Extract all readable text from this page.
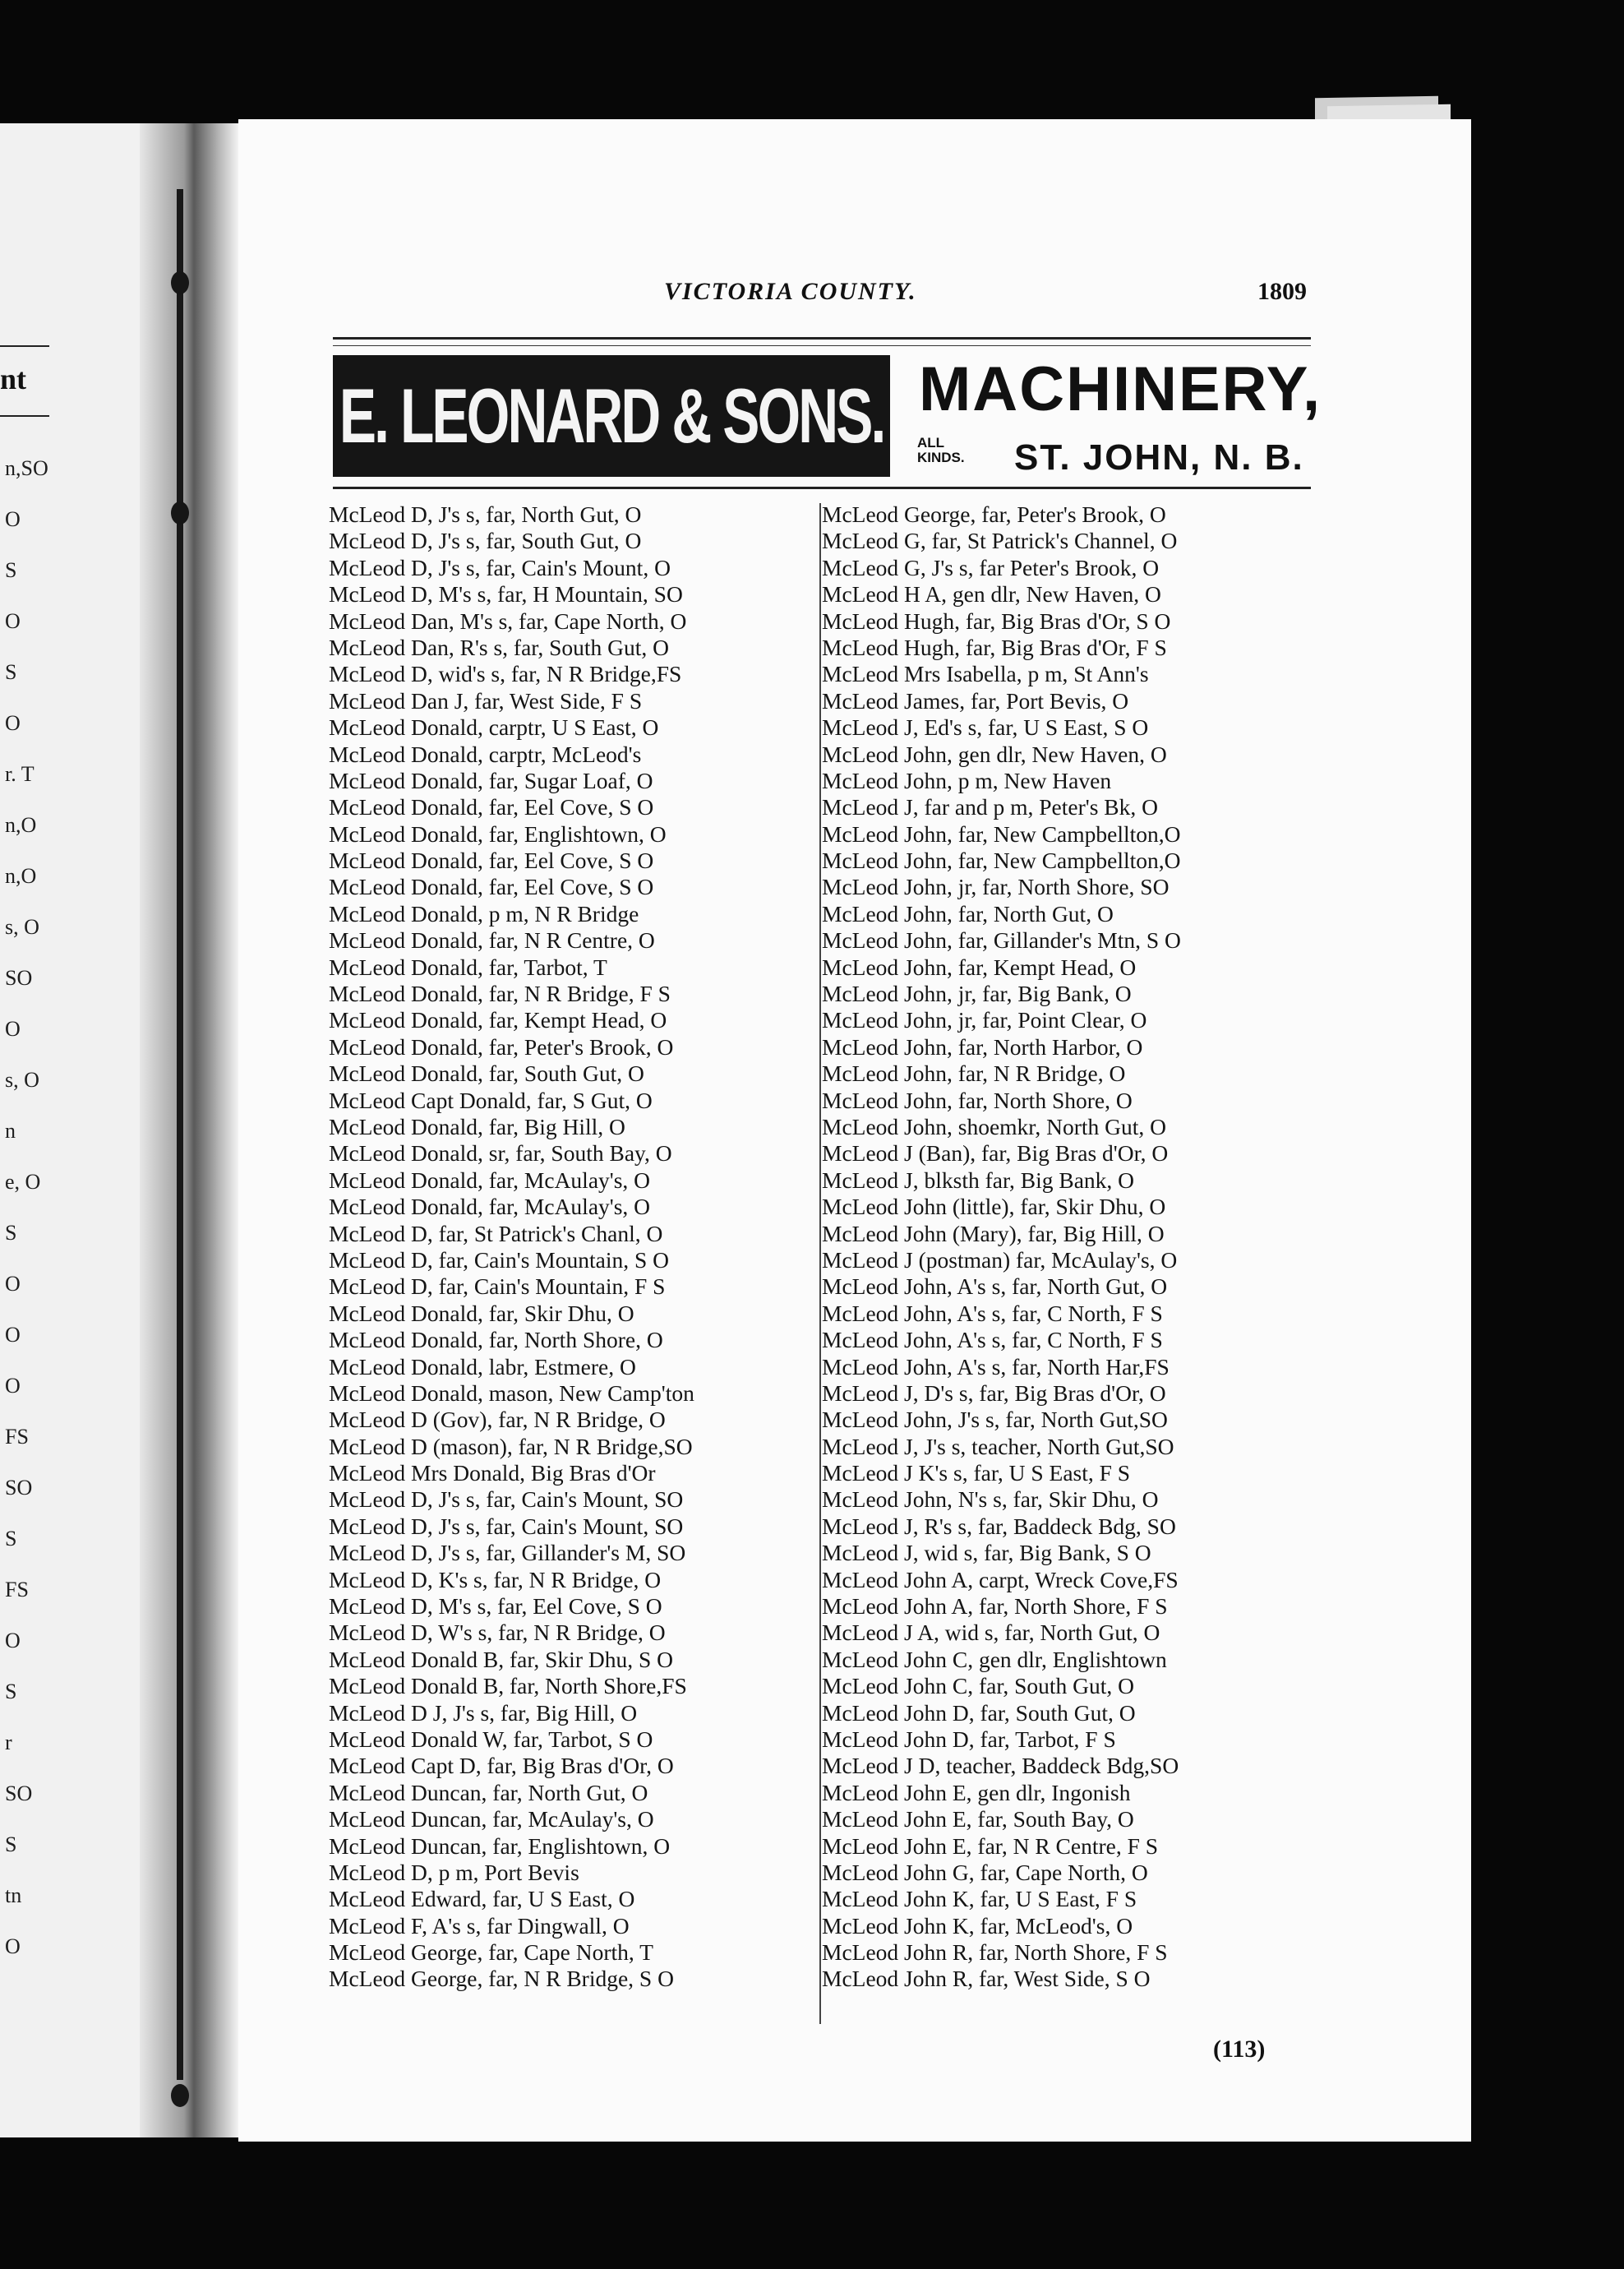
nt
n,SO
O
S
O
S
O
r. T
n,O
n,O
s, O
SO
O
s, O
n
e, O
S
O
O
O
FS
SO
S
FS
O
S
r
SO
S
tn
O
VICTORIA COUNTY.	1809
E. LEONARD & SONS. MACHINERY,
ALL
KINDS. ST. JOHN, N. B.
McLeod D, J's s, far, North Gut, O
McLeod D, J's s, far, South Gut, O
McLeod D, J's s, far, Cain's Mount, O
McLeod D, M's s, far, H Mountain, SO
McLeod Dan, M's s, far, Cape North, O
McLeod Dan, R's s, far, South Gut, O
McLeod D, wid's s, far, N R Bridge,FS
McLeod Dan J, far, West Side, F S
McLeod Donald, carptr, U S East, O
McLeod Donald, carptr, McLeod's
McLeod Donald, far, Sugar Loaf, O
McLeod Donald, far, Eel Cove, S O
McLeod Donald, far, Englishtown, O
McLeod Donald, far, Eel Cove, S O
McLeod Donald, far, Eel Cove, S O
McLeod Donald, p m, N R Bridge
McLeod Donald, far, N R Centre, O
McLeod Donald, far, Tarbot, T
McLeod Donald, far, N R Bridge, F S
McLeod Donald, far, Kempt Head, O
McLeod Donald, far, Peter's Brook, O
McLeod Donald, far, South Gut, O
McLeod Capt Donald, far, S Gut, O
McLeod Donald, far, Big Hill, O
McLeod Donald, sr, far, South Bay, O
McLeod Donald, far, McAulay's, O
McLeod Donald, far, McAulay's, O
McLeod D, far, St Patrick's Chanl, O
McLeod D, far, Cain's Mountain, S O
McLeod D, far, Cain's Mountain, F S
McLeod Donald, far, Skir Dhu, O
McLeod Donald, far, North Shore, O
McLeod Donald, labr, Estmere, O
McLeod Donald, mason, New Camp'ton
McLeod D (Gov), far, N R Bridge, O
McLeod D (mason), far, N R Bridge,SO
McLeod Mrs Donald, Big Bras d'Or
McLeod D, J's s, far, Cain's Mount, SO
McLeod D, J's s, far, Cain's Mount, SO
McLeod D, J's s, far, Gillander's M, SO
McLeod D, K's s, far, N R Bridge, O
McLeod D, M's s, far, Eel Cove, S O
McLeod D, W's s, far, N R Bridge, O
McLeod Donald B, far, Skir Dhu, S O
McLeod Donald B, far, North Shore,FS
McLeod D J, J's s, far, Big Hill, O
McLeod Donald W, far, Tarbot, S O
McLeod Capt D, far, Big Bras d'Or, O
McLeod Duncan, far, North Gut, O
McLeod Duncan, far, McAulay's, O
McLeod Duncan, far, Englishtown, O
McLeod D, p m, Port Bevis
McLeod Edward, far, U S East, O
McLeod F, A's s, far Dingwall, O
McLeod George, far, Cape North, T
McLeod George, far, N R Bridge, S O
McLeod George, far, Peter's Brook, O
McLeod G, far, St Patrick's Channel, O
McLeod G, J's s, far Peter's Brook, O
McLeod H A, gen dlr, New Haven, O
McLeod Hugh, far, Big Bras d'Or, S O
McLeod Hugh, far, Big Bras d'Or, F S
McLeod Mrs Isabella, p m, St Ann's
McLeod James, far, Port Bevis, O
McLeod J, Ed's s, far, U S East, S O
McLeod John, gen dlr, New Haven, O
McLeod John, p m, New Haven
McLeod J, far and p m, Peter's Bk, O
McLeod John, far, New Campbellton,O
McLeod John, far, New Campbellton,O
McLeod John, jr, far, North Shore, SO
McLeod John, far, North Gut, O
McLeod John, far, Gillander's Mtn, S O
McLeod John, far, Kempt Head, O
McLeod John, jr, far, Big Bank, O
McLeod John, jr, far, Point Clear, O
McLeod John, far, North Harbor, O
McLeod John, far, N R Bridge, O
McLeod John, far, North Shore, O
McLeod John, shoemkr, North Gut, O
McLeod J (Ban), far, Big Bras d'Or, O
McLeod J, blksth far, Big Bank, O
McLeod John (little), far, Skir Dhu, O
McLeod John (Mary), far, Big Hill, O
McLeod J (postman) far, McAulay's, O
McLeod John, A's s, far, North Gut, O
McLeod John, A's s, far, C North, F S
McLeod John, A's s, far, C North, F S
McLeod John, A's s, far, North Har,FS
McLeod J, D's s, far, Big Bras d'Or, O
McLeod John, J's s, far, North Gut,SO
McLeod J, J's s, teacher, North Gut,SO
McLeod J K's s, far, U S East, F S
McLeod John, N's s, far, Skir Dhu, O
McLeod J, R's s, far, Baddeck Bdg, SO
McLeod J, wid s, far, Big Bank, S O
McLeod John A, carpt, Wreck Cove,FS
McLeod John A, far, North Shore, F S
McLeod J A, wid s, far, North Gut, O
McLeod John C, gen dlr, Englishtown
McLeod John C, far, South Gut, O
McLeod John D, far, South Gut, O
McLeod John D, far, Tarbot, F S
McLeod J D, teacher, Baddeck Bdg,SO
McLeod John E, gen dlr, Ingonish
McLeod John E, far, South Bay, O
McLeod John E, far, N R Centre, F S
McLeod John G, far, Cape North, O
McLeod John K, far, U S East, F S
McLeod John K, far, McLeod's, O
McLeod John R, far, North Shore, F S
McLeod John R, far, West Side, S O
(113)
